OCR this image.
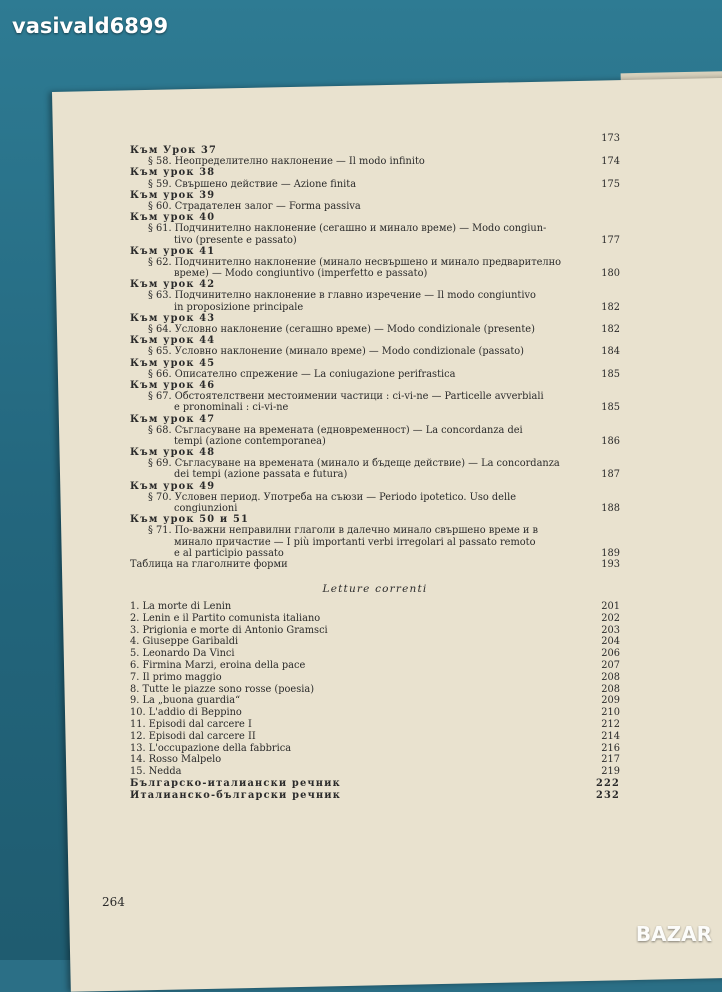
vasivald6899
173
Към Урок 37
§ 58. Неопределително наклонение — Il modo infinito	174
Към урок 38
§ 59. Свършено действие — Azione finita	175
Към урок 39
§ 60. Страдателен залог — Forma passiva
Към урок 40
§ 61. Подчинително наклонение (сегашно и минало време) — Modo congiun-
tivo (presente e passato)	177
Към урок 41
§ 62. Подчинително наклонение (минало несвършено и минало предварително
време) — Modo congiuntivo (imperfetto e passato)	180
Към урок 42
§ 63. Подчинително наклонение в главно изречение — Il modo congiuntivo
in proposizione principale	182
Към урок 43
§ 64. Условно наклонение (сегашно време) — Modo condizionale (presente)	182
Към урок 44
§ 65. Условно наклонение (минало време) — Modo condizionale (passato)	184
Към урок 45
§ 66. Описателно спрежение — La coniugazione perifrastica	185
Към урок 46
§ 67. Обстоятелствени местоимении частици : ci-vi-ne — Particelle avverbiali
e pronominali : ci-vi-ne	185
Към урок 47
§ 68. Съгласуване на времената (едновременност) — La concordanza dei
tempi (azione contemporanea)	186
Към урок 48
§ 69. Съгласуване на времената (минало и бъдеще действие) — La concordanza
dei tempi (azione passata e futura)	187
Към урок 49
§ 70. Условен период. Употреба на съюзи — Periodo ipotetico. Uso delle
congiunzioni	188
Към урок 50 и 51
§ 71. По-важни неправилни глаголи в далечно минало свършено време и в
минало причастие — I più importanti verbi irregolari al passato remoto
e al participio passato	189
Таблица на глаголните форми	193
Letture correnti
1. La morte di Lenin	201
2. Lenin e il Partito comunista italiano	202
3. Prigionia e morte di Antonio Gramsci	203
4. Giuseppe Garibaldi	204
5. Leonardo Da Vinci	206
6. Firmina Marzi, eroina della pace	207
7. Il primo maggio	208
8. Tutte le piazze sono rosse (poesia)	208
9. La „buona guardia“	209
10. L'addio di Beppino	210
11. Episodi dal carcere I	212
12. Episodi dal carcere II	214
13. L'occupazione della fabbrica	216
14. Rosso Malpelo	217
15. Nedda	219
Българско-италиански речник	222
Италианско-български речник	232
264
BAZAR
